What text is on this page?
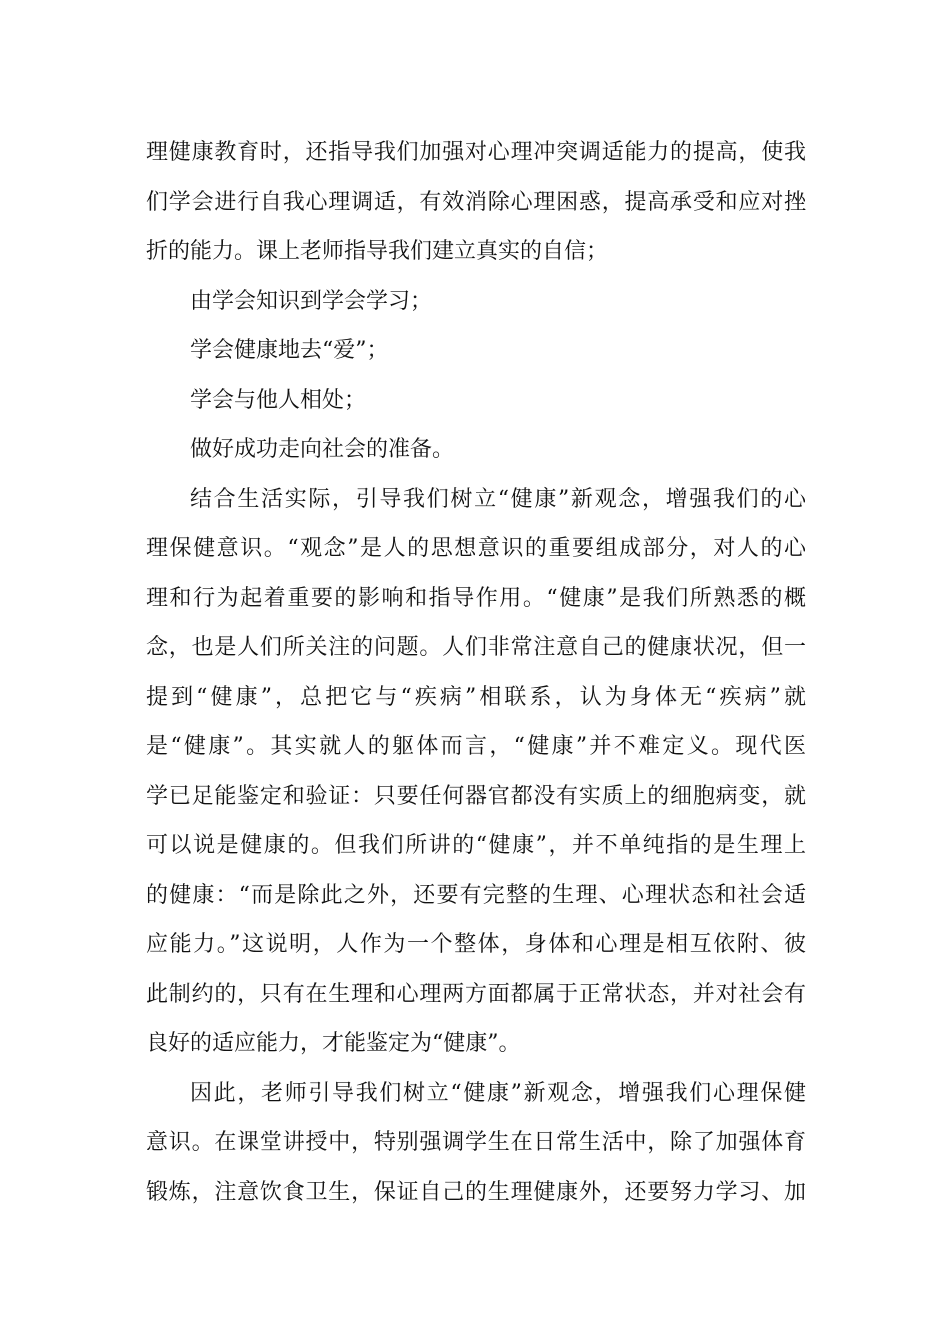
理健康教育时，还指导我们加强对心理冲突调适能力的提高，使我
们学会进行自我心理调适，有效消除心理困惑，提高承受和应对挫
折的能力。课上老师指导我们建立真实的自信；
由学会知识到学会学习；
学会健康地去“爱”；
学会与他人相处；
做好成功走向社会的准备。
结合生活实际，引导我们树立“健康”新观念，增强我们的心
理保健意识。“观念”是人的思想意识的重要组成部分，对人的心
理和行为起着重要的影响和指导作用。“健康”是我们所熟悉的概
念，也是人们所关注的问题。人们非常注意自己的健康状况，但一
提到“健康”，总把它与“疾病”相联系，认为身体无“疾病”就
是“健康”。其实就人的躯体而言，“健康”并不难定义。现代医
学已足能鉴定和验证：只要任何器官都没有实质上的细胞病变，就
可以说是健康的。但我们所讲的“健康”，并不单纯指的是生理上
的健康：“而是除此之外，还要有完整的生理、心理状态和社会适
应能力。”这说明，人作为一个整体，身体和心理是相互依附、彼
此制约的，只有在生理和心理两方面都属于正常状态，并对社会有
良好的适应能力，才能鉴定为“健康”。
因此，老师引导我们树立“健康”新观念，增强我们心理保健
意识。在课堂讲授中，特别强调学生在日常生活中，除了加强体育
锻炼，注意饮食卫生，保证自己的生理健康外，还要努力学习、加
